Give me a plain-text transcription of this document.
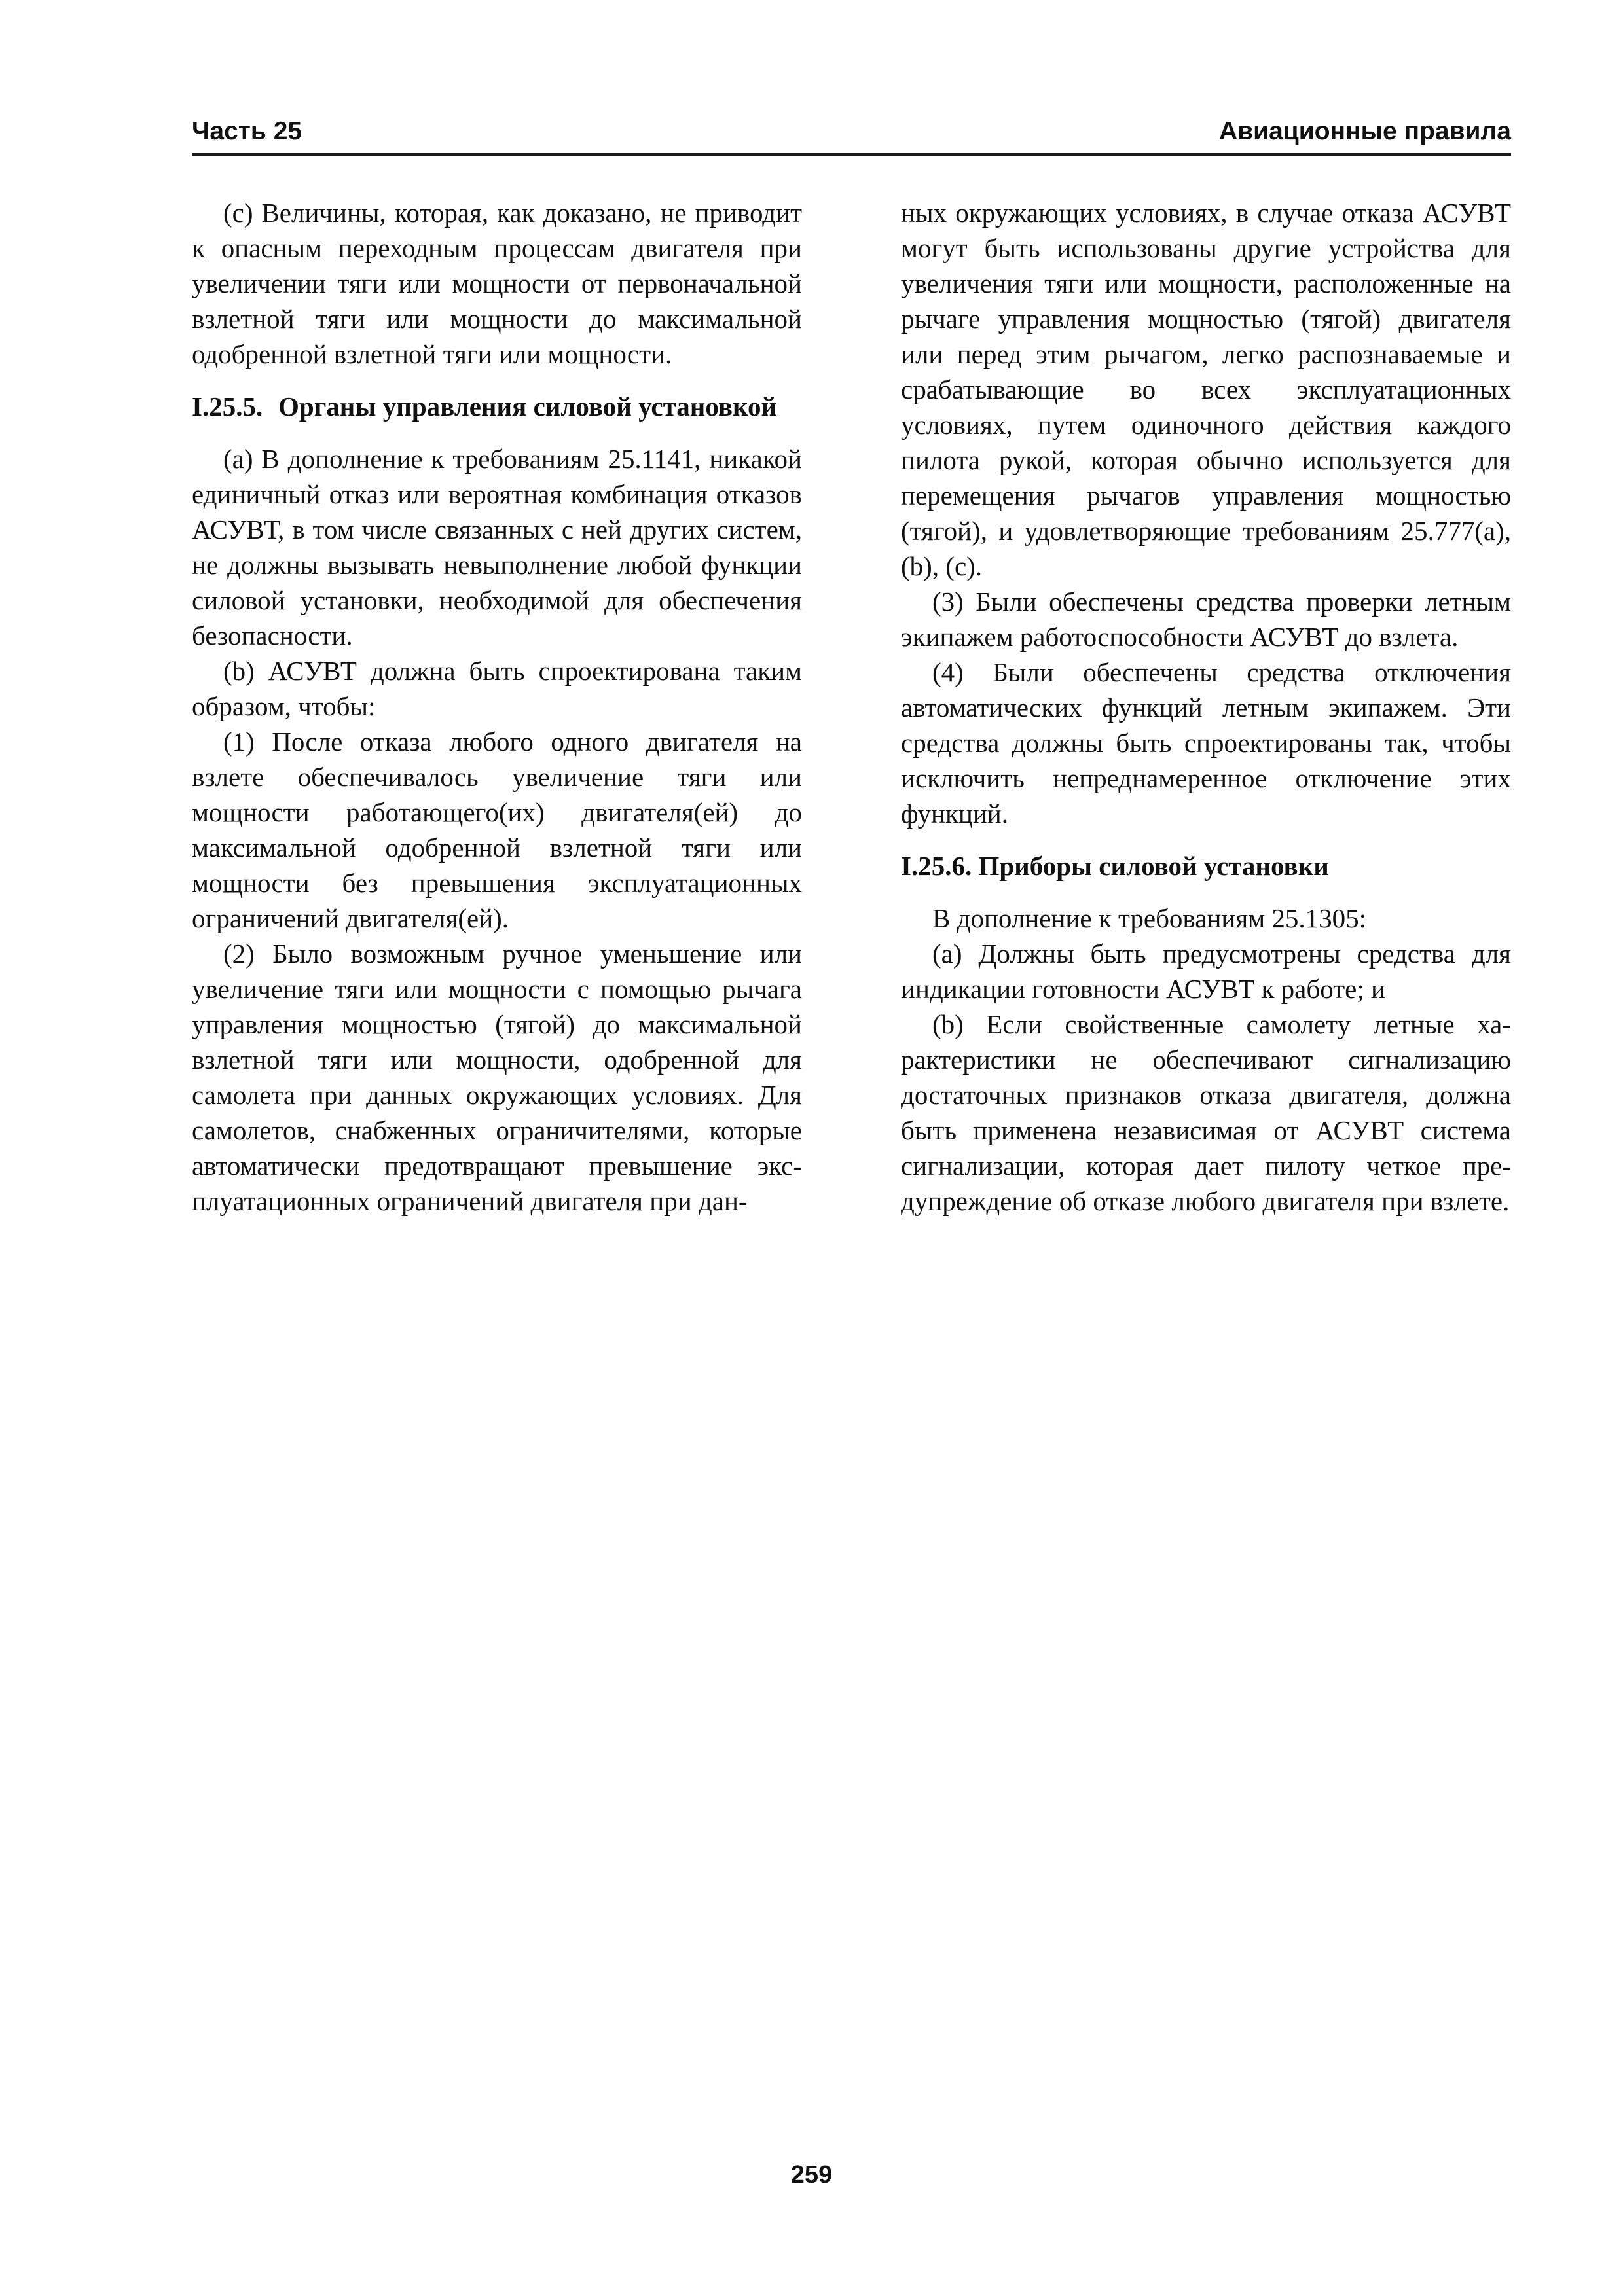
Часть 25	Авиационные правила

(c) Величины, которая, как доказано, не приводит к опасным переходным процессам двигателя при увеличении тяги или мощности от первоначальной взлетной тяги или мощности до максимальной одобренной взлетной тяги или мощности.

I.25.5. Органы управления силовой установкой

(а) В дополнение к требованиям 25.1141, никакой единичный отказ или вероятная комбинация отказов АСУВТ, в том числе связанных с ней других систем, не должны вызывать невыполнение любой функции силовой установки, необходимой для обеспечения безопасности.

(b) АСУВТ должна быть спроектирована таким образом, чтобы:

(1) После отказа любого одного двигателя на взлете обеспечивалось увеличение тяги или мощности работающего(их) двигателя(ей) до максимальной одобренной взлетной тяги или мощности без превышения эксплуатационных ограничений двигателя(ей).

(2) Было возможным ручное уменьшение или увеличение тяги или мощности с помощью рычага управления мощностью (тягой) до максимальной взлетной тяги или мощности, одобренной для самолета при данных окружающих условиях. Для самолетов, снабженных ограничителями, которые автоматически предотвращают превышение эксплуатационных ограничений двигателя при дан-

ных окружающих условиях, в случае отказа АСУВТ могут быть использованы другие устройства для увеличения тяги или мощности, расположенные на рычаге управления мощностью (тягой) двигателя или перед этим рычагом, легко распознаваемые и срабатывающие во всех эксплуатационных условиях, путем одиночного действия каждого пилота рукой, которая обычно используется для перемещения рычагов управления мощностью (тягой), и удовлетворяющие требованиям 25.777(а), (b), (с).

(3) Были обеспечены средства проверки летным экипажем работоспособности АСУВТ до взлета.

(4) Были обеспечены средства отключения автоматических функций летным экипажем. Эти средства должны быть спроектированы так, чтобы исключить непреднамеренное отключение этих функций.

I.25.6. Приборы силовой установки

В дополнение к требованиям 25.1305:

(а) Должны быть предусмотрены средства для индикации готовности АСУВТ к работе; и

(b) Если свойственные самолету летные характеристики не обеспечивают сигнализацию достаточных признаков отказа двигателя, должна быть применена независимая от АСУВТ система сигнализации, которая дает пилоту четкое предупреждение об отказе любого двигателя при взлете.

259
